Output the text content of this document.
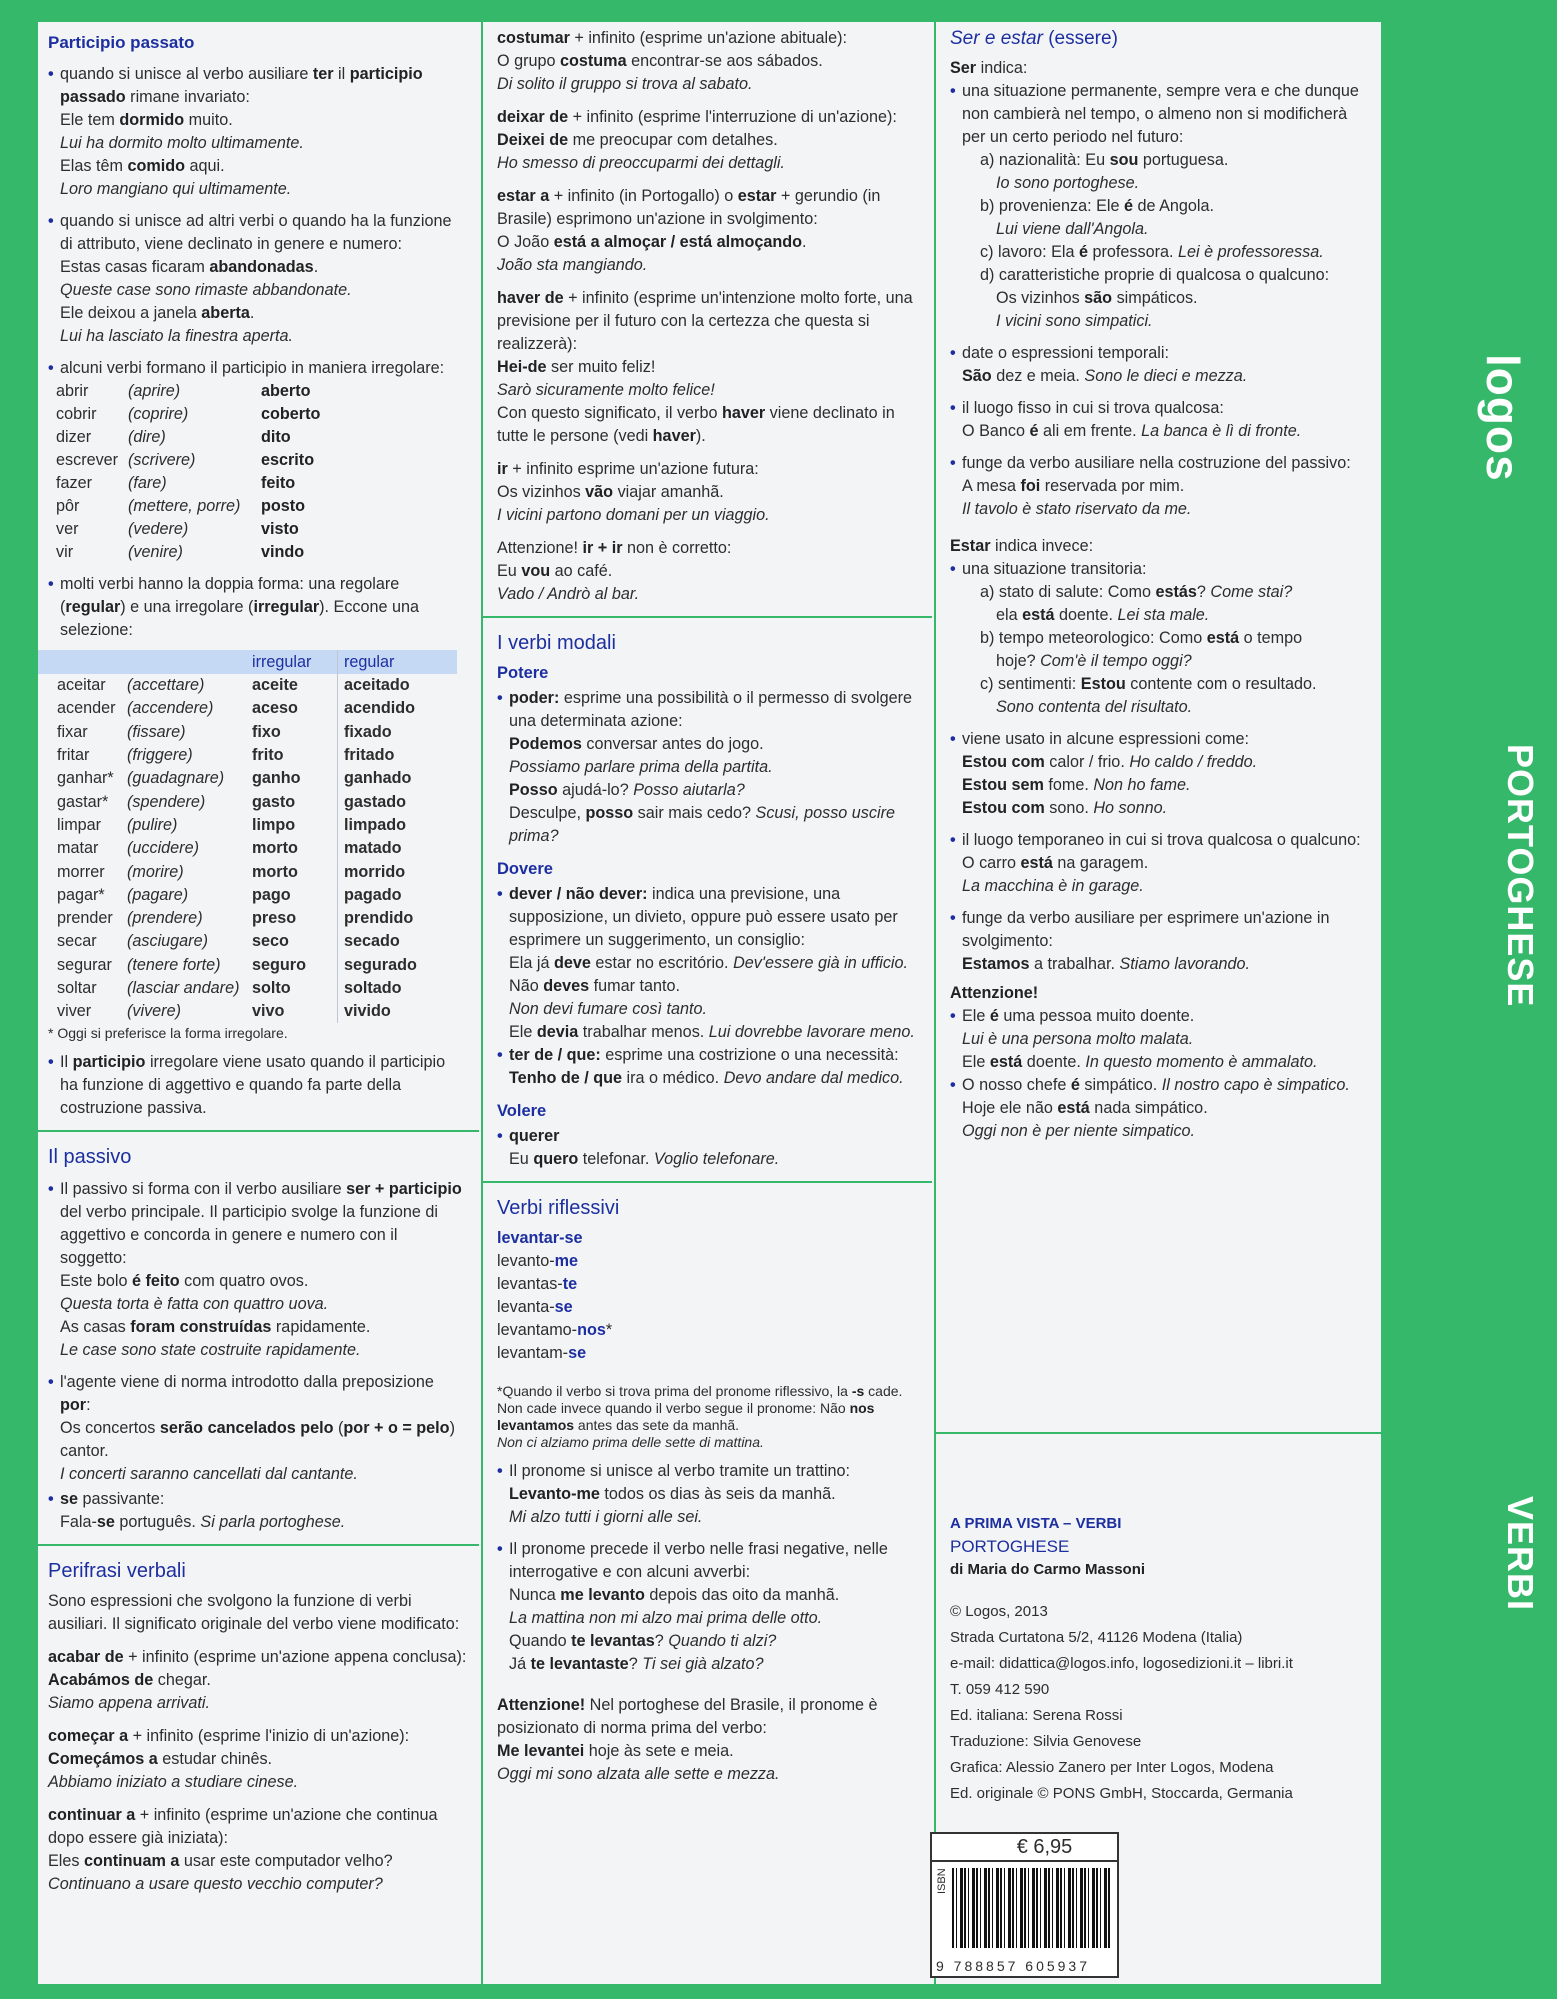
Participio passato
• quando si unisce al verbo ausiliare ter il participio passado rimane invariato:
Ele tem dormido muito.
Lui ha dormito molto ultimamente.
Elas têm comido aqui.
Loro mangiano qui ultimamente.
• quando si unisce ad altri verbi o quando ha la funzione di attributo, viene declinato in genere e numero:
Estas casas ficaram abandonadas.
Queste case sono rimaste abbandonate.
Ele deixou a janela aberta.
Lui ha lasciato la finestra aperta.
• alcuni verbi formano il participio in maniera irregolare:
abrir	(aprire)	aberto
cobrir	(coprire)	coberto
dizer	(dire)	dito
escrever	(scrivere)	escrito
fazer	(fare)	feito
pôr	(mettere, porre)	posto
ver	(vedere)	visto
vir	(venire)	vindo
• molti verbi hanno la doppia forma: una regolare (regular) e una irregolare (irregular). Eccone una selezione:
		irregular	regular
aceitar	(accettare)	aceite	aceitado
acender	(accendere)	aceso	acendido
fixar	(fissare)	fixo	fixado
fritar	(friggere)	frito	fritado
ganhar*	(guadagnare)	ganho	ganhado
gastar*	(spendere)	gasto	gastado
limpar	(pulire)	limpo	limpado
matar	(uccidere)	morto	matado
morrer	(morire)	morto	morrido
pagar*	(pagare)	pago	pagado
prender	(prendere)	preso	prendido
secar	(asciugare)	seco	secado
segurar	(tenere forte)	seguro	segurado
soltar	(lasciar andare)	solto	soltado
viver	(vivere)	vivo	vivido
* Oggi si preferisce la forma irregolare.
• Il participio irregolare viene usato quando il participio ha funzione di aggettivo e quando fa parte della costruzione passiva.
Il passivo
• Il passivo si forma con il verbo ausiliare ser + participio del verbo principale. Il participio svolge la funzione di aggettivo e concorda in genere e numero con il soggetto:
Este bolo é feito com quatro ovos.
Questa torta è fatta con quattro uova.
As casas foram construídas rapidamente.
Le case sono state costruite rapidamente.
• l'agente viene di norma introdotto dalla preposizione por:
Os concertos serão cancelados pelo (por + o = pelo) cantor.
I concerti saranno cancellati dal cantante.
• se passivante:
Fala-se português. Si parla portoghese.
Perifrasi verbali

Sono espressioni che svolgono la funzione di verbi ausiliari. Il significato originale del verbo viene modificato:

acabar de + infinito (esprime un'azione appena conclusa):
Acabámos de chegar.
Siamo appena arrivati.
começar a + infinito (esprime l'inizio di un'azione):
Começámos a estudar chinês.
Abbiamo iniziato a studiare cinese.
continuar a + infinito (esprime un'azione che continua dopo essere già iniziata):
Eles continuam a usar este computador velho?
Continuano a usare questo vecchio computer?
costumar + infinito (esprime un'azione abituale):

O grupo costuma encontrar-se aos sábados.

Di solito il gruppo si trova al sabato.

deixar de + infinito (esprime l'interruzione di un'azione):

Deixei de me preocupar com detalhes.

Ho smesso di preoccuparmi dei dettagli.

estar a + infinito (in Portogallo) o estar + gerundio (in Brasile) esprimono un'azione in svolgimento:

O João está a almoçar / está almoçando.

João sta mangiando.

haver de + infinito (esprime un'intenzione molto forte, una previsione per il futuro con la certezza che questa si realizzerà):

Hei-de ser muito feliz!

Sarò sicuramente molto felice!

Con questo significato, il verbo haver viene declinato in tutte le persone (vedi haver).

ir + infinito esprime un'azione futura:

Os vizinhos vão viajar amanhã.

I vicini partono domani per un viaggio.

Attenzione! ir + ir non è corretto:

Eu vou ao café.

Vado / Andrò al bar.

I verbi modali
Potere
• poder: esprime una possibilità o il permesso di svolgere una determinata azione:

Podemos conversar antes do jogo.

Possiamo parlare prima della partita.

Posso ajudá-lo? Posso aiutarla?

Desculpe, posso sair mais cedo? Scusi, posso uscire prima?

Dovere
• dever / não dever: indica una previsione, una supposizione, un divieto, oppure può essere usato per esprimere un suggerimento, un consiglio:

Ela já deve estar no escritório. Dev'essere già in ufficio.

Não deves fumar tanto.

Non devi fumare così tanto.

Ele devia trabalhar menos. Lui dovrebbe lavorare meno.

• ter de / que: esprime una costrizione o una necessità:

Tenho de / que ira o médico. Devo andare dal medico.

Volere
• querer

Eu quero telefonar. Voglio telefonare.

Verbi riflessivi
levantar-se
levanto-me
levantas-te
levanta-se
levantamo-nos*
levantam-se
*Quando il verbo si trova prima del pronome riflessivo, la -s cade. Non cade invece quando il verbo segue il pronome: Não nos levantamos antes das sete da manhã.
Non ci alziamo prima delle sette di mattina.
• Il pronome si unisce al verbo tramite un trattino:

Levanto-me todos os dias às seis da manhã.

Mi alzo tutti i giorni alle sei.

• Il pronome precede il verbo nelle frasi negative, nelle interrogative e con alcuni avverbi:

Nunca me levanto depois das oito da manhã.

La mattina non mi alzo mai prima delle otto.

Quando te levantas? Quando ti alzi?

Já te levantaste? Ti sei già alzato?

Attenzione! Nel portoghese del Brasile, il pronome è posizionato di norma prima del verbo:

Me levantei hoje às sete e meia.

Oggi mi sono alzata alle sette e mezza.

Ser e estar (essere)

Ser indica:

• una situazione permanente, sempre vera e che dunque non cambierà nel tempo, o almeno non si modificherà per un certo periodo nel futuro:

a) nazionalità: Eu sou portuguesa.

Io sono portoghese.

b) provenienza: Ele é de Angola.

Lui viene dall'Angola.

c) lavoro: Ela é professora. Lei è professoressa.

d) caratteristiche proprie di qualcosa o qualcuno:

Os vizinhos são simpáticos.

I vicini sono simpatici.

• date o espressioni temporali:

São dez e meia. Sono le dieci e mezza.

• il luogo fisso in cui si trova qualcosa:

O Banco é ali em frente. La banca è lì di fronte.

• funge da verbo ausiliare nella costruzione del passivo:

A mesa foi reservada por mim.

Il tavolo è stato riservato da me.

Estar indica invece:

• una situazione transitoria:

a) stato di salute: Como estás? Come stai?

ela está doente. Lei sta male.

b) tempo meteorologico: Como está o tempo

hoje? Com'è il tempo oggi?

c) sentimenti: Estou contente com o resultado.

Sono contenta del risultato.

• viene usato in alcune espressioni come:

Estou com calor / frio. Ho caldo / freddo.

Estou sem fome. Non ho fame.

Estou com sono. Ho sonno.

• il luogo temporaneo in cui si trova qualcosa o qualcuno:

O carro está na garagem.

La macchina è in garage.

• funge da verbo ausiliare per esprimere un'azione in svolgimento:

Estamos a trabalhar. Stiamo lavorando.

Attenzione!

• Ele é uma pessoa muito doente.

Lui è una persona molto malata.

Ele está doente. In questo momento è ammalato.

• O nosso chefe é simpático. Il nostro capo è simpatico.

Hoje ele não está nada simpático.

Oggi non è per niente simpatico.

A PRIMA VISTA – VERBI

PORTOGHESE

di Maria do Carmo Massoni

© Logos, 2013
Strada Curtatona 5/2, 41126 Modena (Italia)
e-mail: didattica@logos.info, logosedizioni.it – libri.it
T. 059 412 590
Ed. italiana: Serena Rossi
Traduzione: Silvia Genovese
Grafica: Alessio Zanero per Inter Logos, Modena
Ed. originale © PONS GmbH, Stoccarda, Germania
€ 6,95
ISBN
9 788857 605937
logos
PORTOGHESE
VERBI
